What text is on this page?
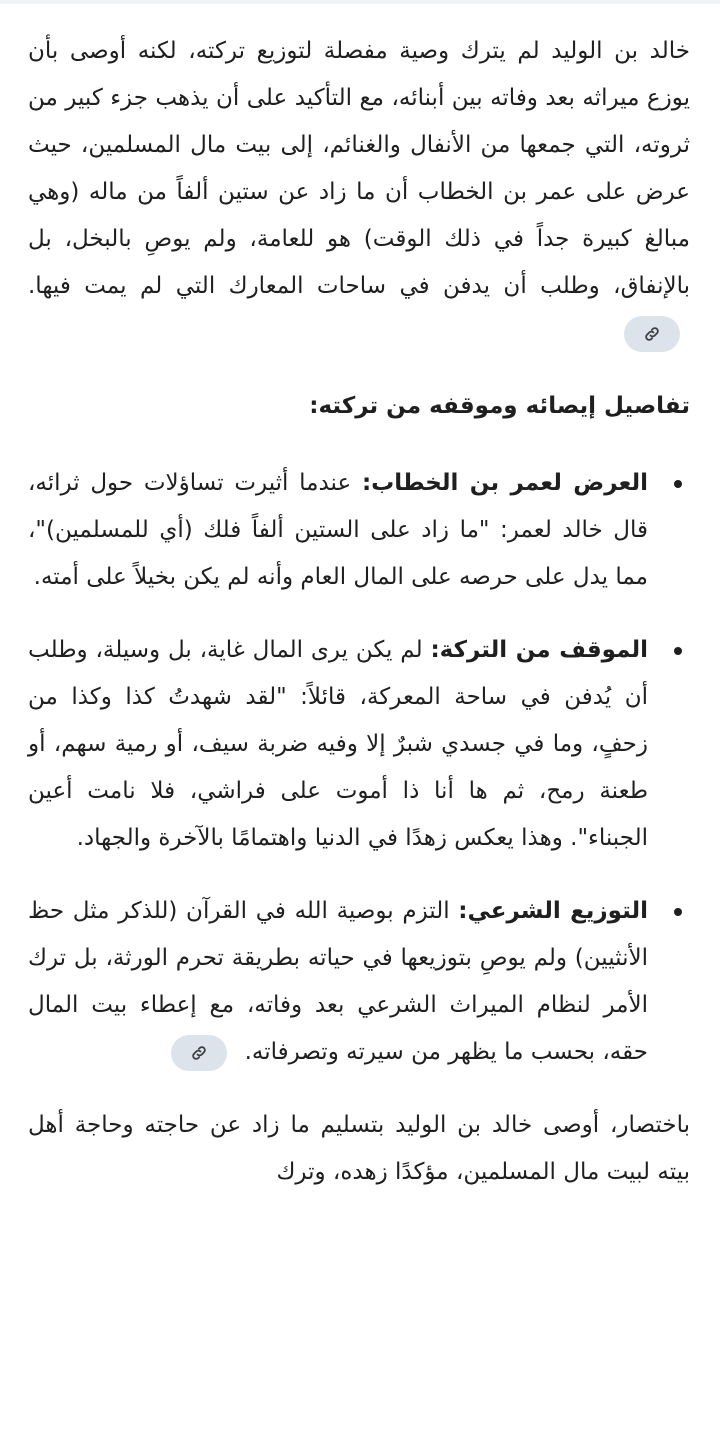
خالد بن الوليد لم يترك وصية مفصلة لتوزيع تركته، لكنه أوصى بأن يوزع ميراثه بعد وفاته بين أبنائه، مع التأكيد على أن يذهب جزء كبير من ثروته، التي جمعها من الأنفال والغنائم، إلى بيت مال المسلمين، حيث عرض على عمر بن الخطاب أن ما زاد عن ستين ألفاً من ماله (وهي مبالغ كبيرة جداً في ذلك الوقت) هو للعامة، ولم يوصِ بالبخل، بل بالإنفاق، وطلب أن يدفن في ساحات المعارك التي لم يمت فيها.

تفاصيل إيصائه وموقفه من تركته:
العرض لعمر بن الخطاب: عندما أثيرت تساؤلات حول ثرائه، قال خالد لعمر: "ما زاد على الستين ألفاً فلك (أي للمسلمين)"، مما يدل على حرصه على المال العام وأنه لم يكن بخيلاً على أمته.
الموقف من التركة: لم يكن يرى المال غاية، بل وسيلة، وطلب أن يُدفن في ساحة المعركة، قائلاً: "لقد شهدتُ كذا وكذا من زحفٍ، وما في جسدي شبرٌ إلا وفيه ضربة سيف، أو رمية سهم، أو طعنة رمح، ثم ها أنا ذا أموت على فراشي، فلا نامت أعين الجبناء". وهذا يعكس زهدًا في الدنيا واهتمامًا بالآخرة والجهاد.
التوزيع الشرعي: التزم بوصية الله في القرآن (للذكر مثل حظ الأنثيين) ولم يوصِ بتوزيعها في حياته بطريقة تحرم الورثة، بل ترك الأمر لنظام الميراث الشرعي بعد وفاته، مع إعطاء بيت المال حقه، بحسب ما يظهر من سيرته وتصرفاته.

باختصار، أوصى خالد بن الوليد بتسليم ما زاد عن حاجته وحاجة أهل بيته لبيت مال المسلمين، مؤكدًا زهده، وترك
